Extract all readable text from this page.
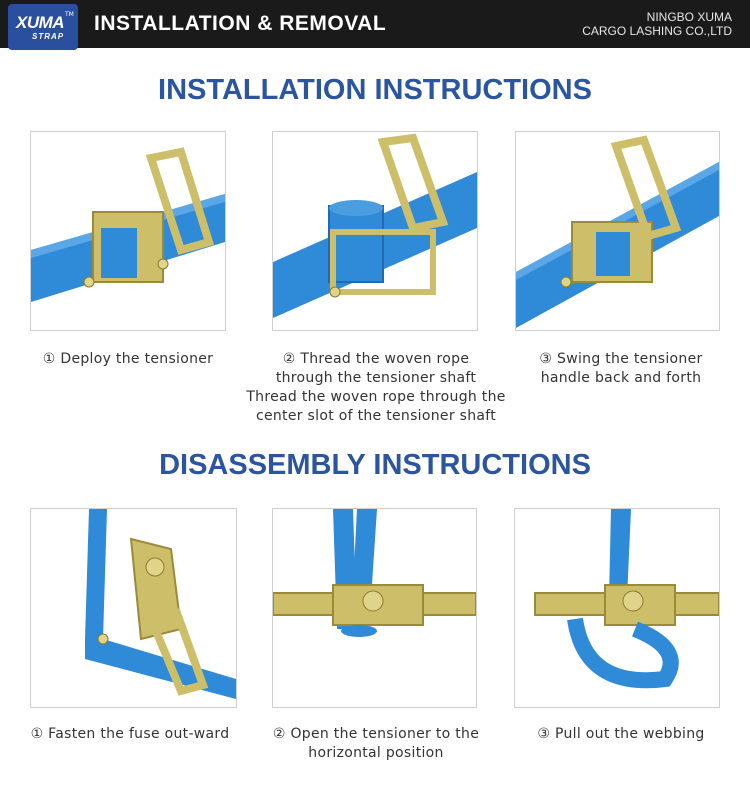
XUMA TM
STRAP
INSTALLATION & REMOVAL	NINGBO XUMA
CARGO LASHING CO.,LTD
INSTALLATION INSTRUCTIONS
① Deploy the tensioner	② Thread the woven rope
through the tensioner shaft
Thread the woven rope through the
center slot of the tensioner shaft
③ Swing the tensioner
handle back and forth
DISASSEMBLY INSTRUCTIONS
① Fasten the fuse out-ward	② Open the tensioner to the
horizontal position
③ Pull out the webbing
